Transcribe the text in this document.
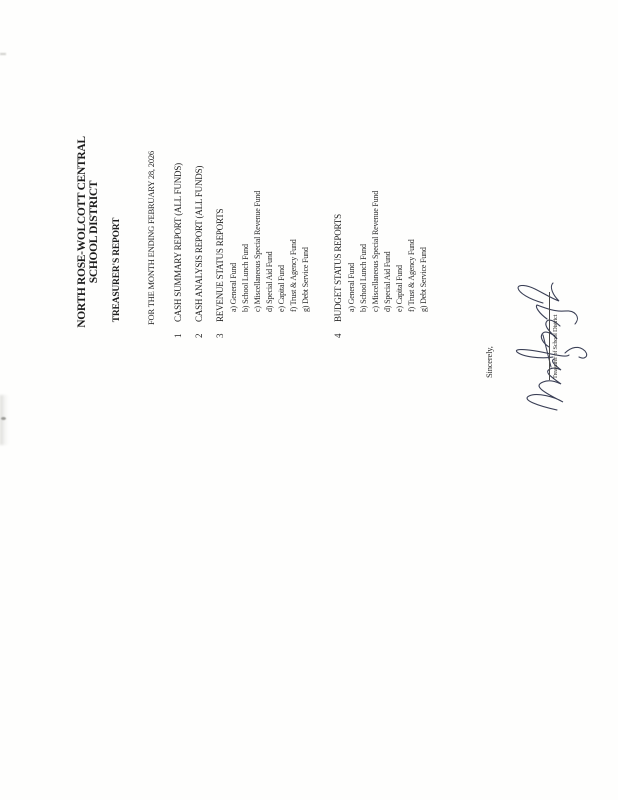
NORTH ROSE-WOLCOTT CENTRAL SCHOOL DISTRICT TREASURER'S REPORT	FOR THE MONTH ENDING FEBRUARY 28, 2026
1
CASH SUMMARY REPORT (ALL FUNDS)
2
CASH ANALYSIS REPORT (ALL FUNDS)
3
REVENUE STATUS REPORTS a) General Fund b) School Lunch Fund c) Miscellaneous Special Revenue Fund d) Special Aid Fund e) Capital Fund f) Trust & Agency Fund g) Debt Service Fund
4
BUDGET STATUS REPORTS a) General Fund b) School Lunch Fund c) Miscellaneous Special Revenue Fund d) Special Aid Fund e) Capital Fund f) Trust & Agency Fund g) Debt Service Fund
Sincerely,	Treasurer of School District
